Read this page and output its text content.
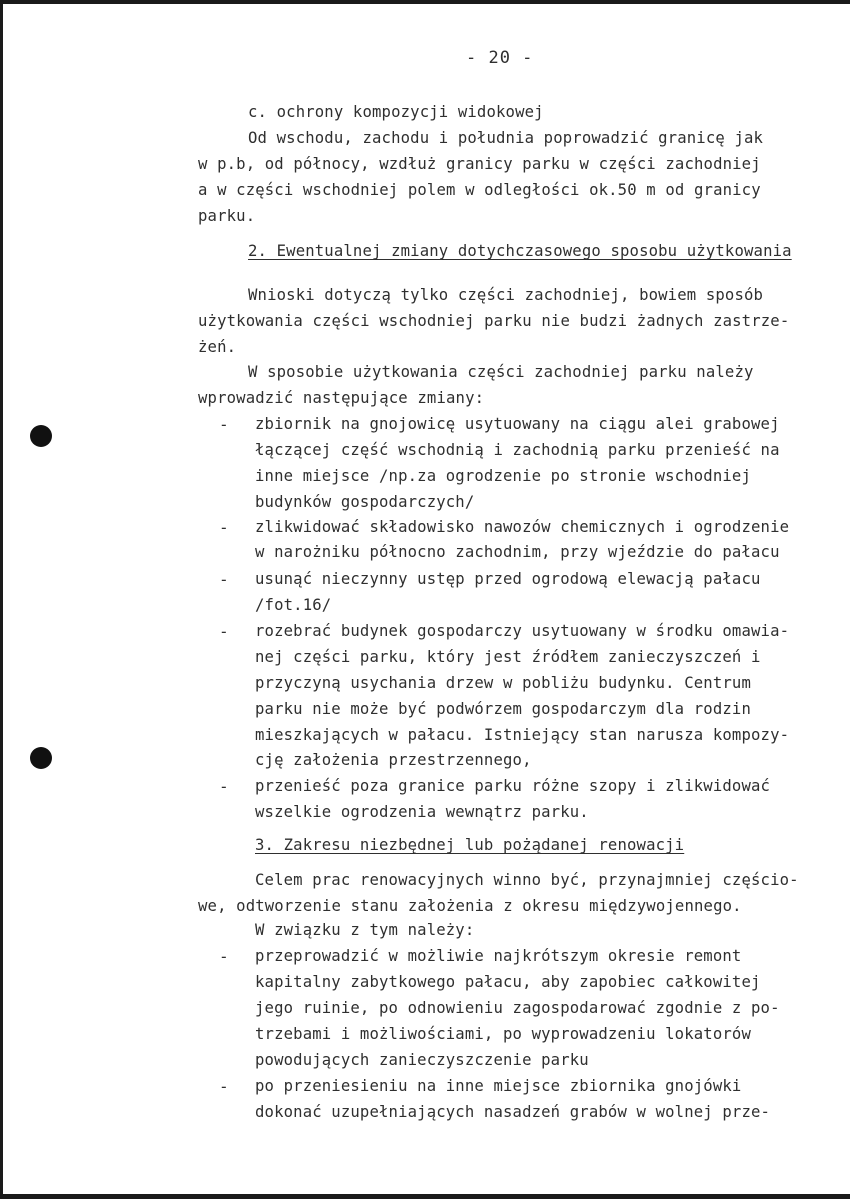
- 20 -
c. ochrony kompozycji widokowej
Od wschodu, zachodu i południa poprowadzić granicę jak
w p.b, od północy, wzdłuż granicy parku w części zachodniej
a w części wschodniej polem w odległości ok.50 m od granicy
parku.
2. Ewentualnej zmiany dotychczasowego sposobu użytkowania
Wnioski dotyczą tylko części zachodniej, bowiem sposób
użytkowania części wschodniej parku nie budzi żadnych zastrze-
żeń.
W sposobie użytkowania części zachodniej parku należy
wprowadzić następujące zmiany:
- zbiornik na gnojowicę usytuowany na ciągu alei grabowej
łączącej część wschodnią i zachodnią parku przenieść na
inne miejsce /np.za ogrodzenie po stronie wschodniej
budynków gospodarczych/
- zlikwidować składowisko nawozów chemicznych i ogrodzenie
w narożniku północno zachodnim, przy wjeździe do pałacu
- usunąć nieczynny ustęp przed ogrodową elewacją pałacu
/fot.16/
- rozebrać budynek gospodarczy usytuowany w środku omawia-
nej części parku, który jest źródłem zanieczyszczeń i
przyczyną usychania drzew w pobliżu budynku. Centrum
parku nie może być podwórzem gospodarczym dla rodzin
mieszkających w pałacu. Istniejący stan narusza kompozy-
cję założenia przestrzennego,
- przenieść poza granice parku różne szopy i zlikwidować
wszelkie ogrodzenia wewnątrz parku.
3. Zakresu niezbędnej lub pożądanej renowacji
Celem prac renowacyjnych winno być, przynajmniej częścio-
we, odtworzenie stanu założenia z okresu międzywojennego.
W związku z tym należy:
- przeprowadzić w możliwie najkrótszym okresie remont
kapitalny zabytkowego pałacu, aby zapobiec całkowitej
jego ruinie, po odnowieniu zagospodarować zgodnie z po-
trzebami i możliwościami, po wyprowadzeniu lokatorów
powodujących zanieczyszczenie parku
- po przeniesieniu na inne miejsce zbiornika gnojówki
dokonać uzupełniających nasadzeń grabów w wolnej prze-
